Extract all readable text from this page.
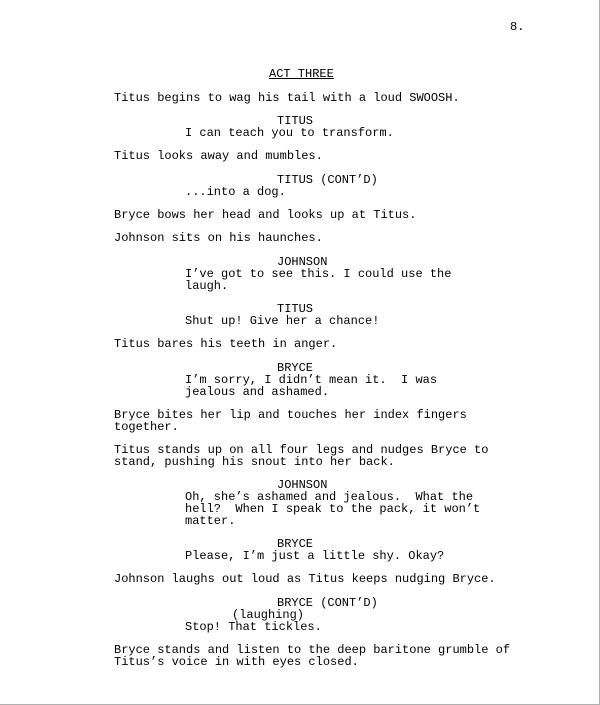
8.
ACT THREE
Titus begins to wag his tail with a loud SWOOSH.
TITUS
I can teach you to transform.
Titus looks away and mumbles.
TITUS (CONT’D)
...into a dog.
Bryce bows her head and looks up at Titus.
Johnson sits on his haunches.
JOHNSON
I’ve got to see this. I could use the
laugh.
TITUS
Shut up! Give her a chance!
Titus bares his teeth in anger.
BRYCE
I’m sorry, I didn’t mean it.  I was
jealous and ashamed.
Bryce bites her lip and touches her index fingers
together.
Titus stands up on all four legs and nudges Bryce to
stand, pushing his snout into her back.
JOHNSON
Oh, she’s ashamed and jealous.  What the
hell?  When I speak to the pack, it won’t
matter.
BRYCE
Please, I’m just a little shy. Okay?
Johnson laughs out loud as Titus keeps nudging Bryce.
BRYCE (CONT’D)
(laughing)
Stop! That tickles.
Bryce stands and listen to the deep baritone grumble of
Titus’s voice in with eyes closed.
